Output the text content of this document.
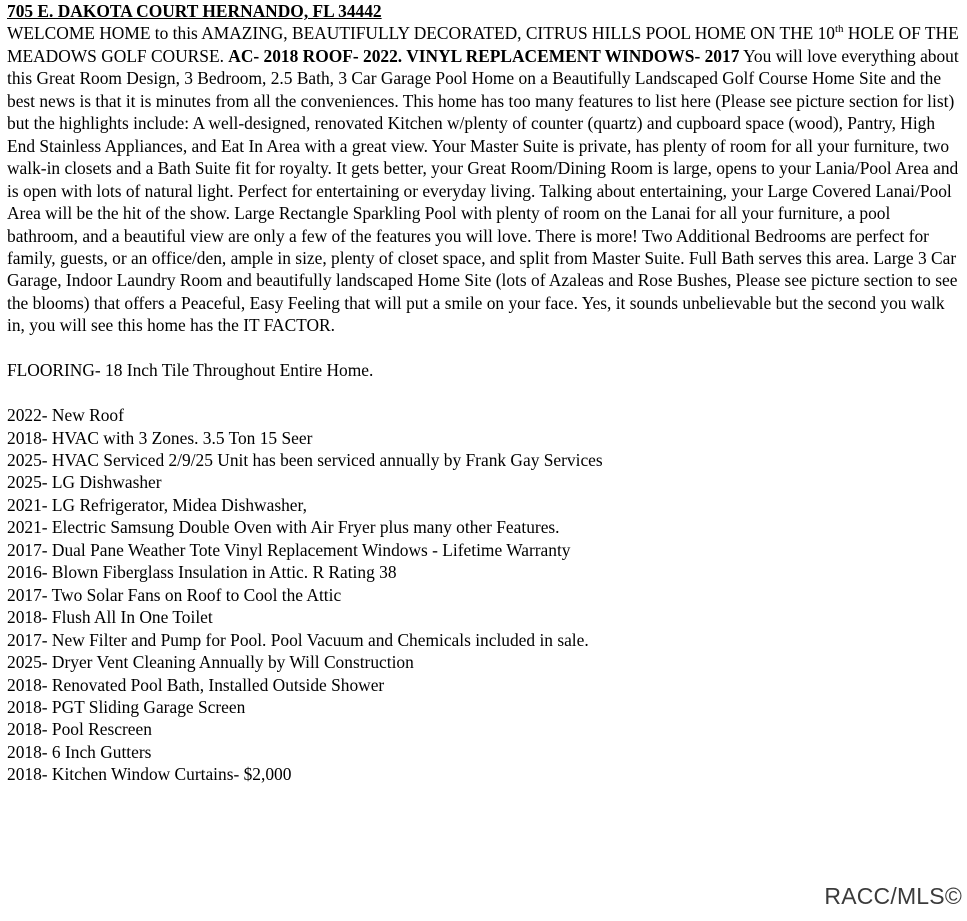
705 E. DAKOTA COURT HERNANDO, FL 34442

WELCOME HOME to this AMAZING, BEAUTIFULLY DECORATED, CITRUS HILLS POOL HOME ON THE 10th HOLE OF THE MEADOWS GOLF COURSE. AC- 2018 ROOF- 2022. VINYL REPLACEMENT WINDOWS- 2017 You will love everything about this Great Room Design, 3 Bedroom, 2.5 Bath, 3 Car Garage Pool Home on a Beautifully Landscaped Golf Course Home Site and the best news is that it is minutes from all the conveniences. This home has too many features to list here (Please see picture section for list) but the highlights include: A well-designed, renovated Kitchen w/plenty of counter (quartz) and cupboard space (wood), Pantry, High End Stainless Appliances, and Eat In Area with a great view. Your Master Suite is private, has plenty of room for all your furniture, two walk-in closets and a Bath Suite fit for royalty. It gets better, your Great Room/Dining Room is large, opens to your Lania/Pool Area and is open with lots of natural light. Perfect for entertaining or everyday living. Talking about entertaining, your Large Covered Lanai/Pool Area will be the hit of the show. Large Rectangle Sparkling Pool with plenty of room on the Lanai for all your furniture, a pool bathroom, and a beautiful view are only a few of the features you will love. There is more! Two Additional Bedrooms are perfect for family, guests, or an office/den, ample in size, plenty of closet space, and split from Master Suite. Full Bath serves this area. Large 3 Car Garage, Indoor Laundry Room and beautifully landscaped Home Site (lots of Azaleas and Rose Bushes, Please see picture section to see the blooms) that offers a Peaceful, Easy Feeling that will put a smile on your face. Yes, it sounds unbelievable but the second you walk in, you will see this home has the IT FACTOR.

FLOORING- 18 Inch Tile Throughout Entire Home.

2022- New Roof
2018- HVAC with 3 Zones. 3.5 Ton 15 Seer
2025- HVAC Serviced 2/9/25 Unit has been serviced annually by Frank Gay Services
2025- LG Dishwasher
2021- LG Refrigerator, Midea Dishwasher,
2021- Electric Samsung Double Oven with Air Fryer plus many other Features.
2017- Dual Pane Weather Tote Vinyl Replacement Windows - Lifetime Warranty
2016- Blown Fiberglass Insulation in Attic. R Rating 38
2017- Two Solar Fans on Roof to Cool the Attic
2018- Flush All In One Toilet
2017- New Filter and Pump for Pool. Pool Vacuum and Chemicals included in sale.
2025- Dryer Vent Cleaning Annually by Will Construction
2018- Renovated Pool Bath, Installed Outside Shower
2018- PGT Sliding Garage Screen
2018- Pool Rescreen
2018- 6 Inch Gutters
2018- Kitchen Window Curtains- $2,000
RACC/MLS©
